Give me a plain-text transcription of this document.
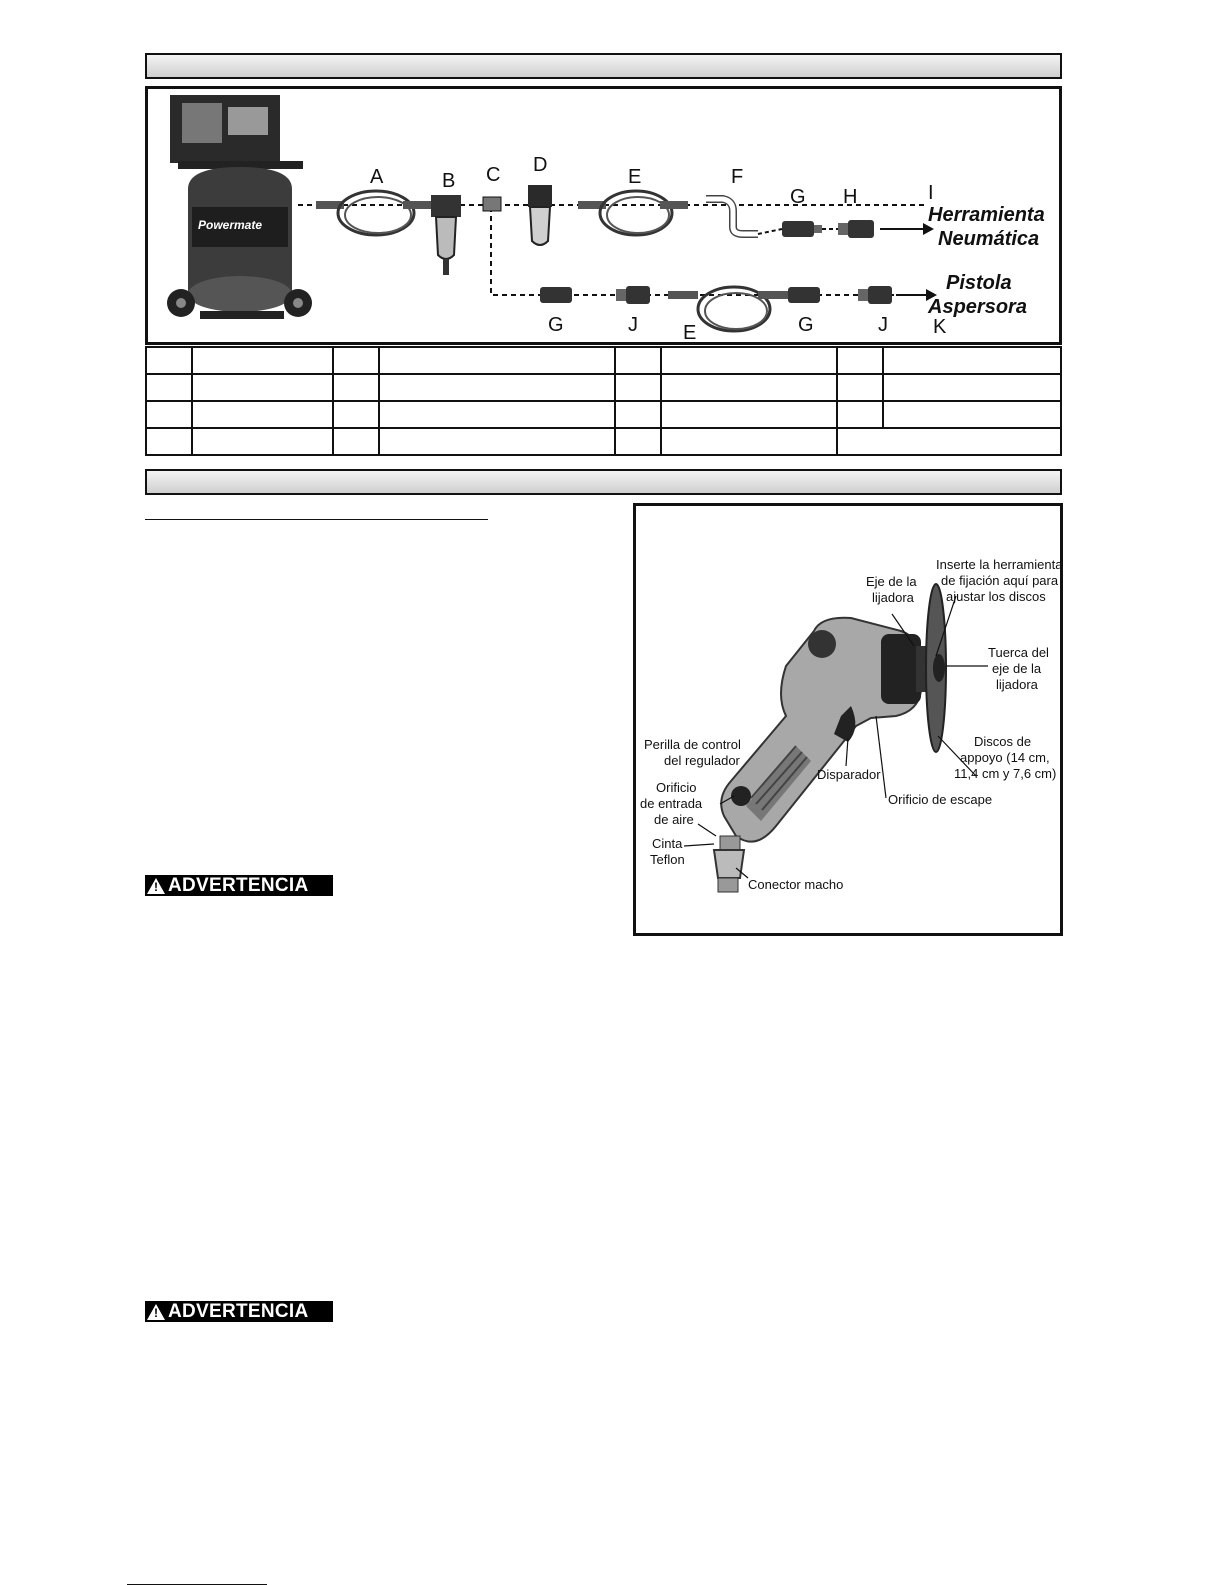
Powermate
A	B C D
E	F
G H	I
Herramienta
Neumática
G	J E	G	J
Pistola
Aspersora
K

Inserte la herramienta
de fijación aquí para
ajustar los discos
Eje de la
lijadora
Tuerca del
eje de la
lijadora
Discos de
appoyo (14 cm,
11,4 cm y 7,6 cm)
Perilla de control
del regulador
Disparador
Orificio de escape
Orificio
de entrada
de aire
Cinta
Teflon
Conector macho
! ADVERTENCIA
! ADVERTENCIA
